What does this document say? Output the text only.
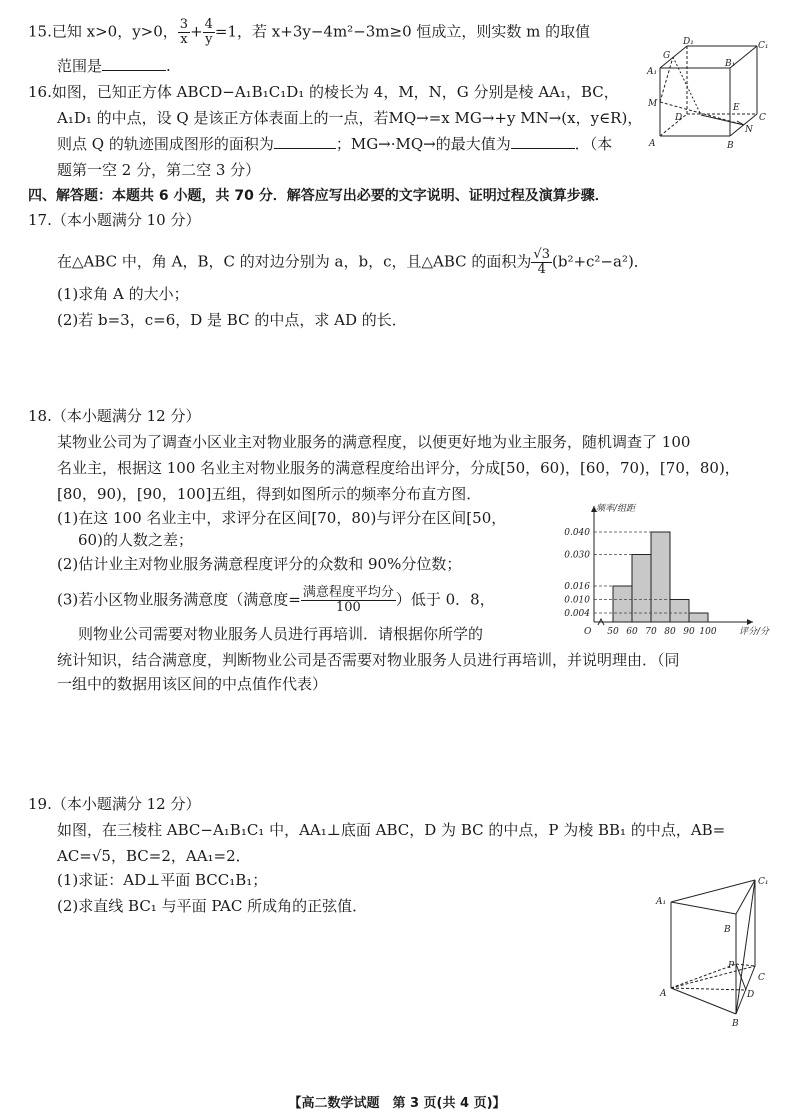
15.已知 x>0，y>0， $\frac{3}{x} + \frac{4}{y} =1$，若 x+3y−4m²−3m≥0 恒成立，则实数 m 的取值
范围是	.
16.如图，已知正方体 ABCD−A₁B₁C₁D₁ 的棱长为 4，M，N，G 分别是棱 AA₁，BC，
A₁D₁ 的中点，设 Q 是该正方体表面上的一点，若MQ→=x MG→+y MN→(x，y∈R)，
则点 Q 的轨迹围成图形的面积为	；MG→·MQ→的最大值为	．（本
题第一空 2 分，第二空 3 分）
D₁	C₁
A₁
B₁
G
M
D	C
E
N
A	B
四、解答题：本题共 6 小题，共 70 分．解答应写出必要的文字说明、证明过程及演算步骤．
17.（本小题满分 10 分）
在△ABC 中，角 A，B，C 的对边分别为 a，b，c，且△ABC 的面积为 $\frac{√3}{4} (b^2+c^2-a^2)$．
(1)求角 A 的大小；
(2)若 b=3，c=6，D 是 BC 的中点，求 AD 的长．
18.（本小题满分 12 分）
某物业公司为了调查小区业主对物业服务的满意程度，以便更好地为业主服务，随机调查了 100
名业主，根据这 100 名业主对物业服务的满意程度给出评分，分成[50，60)，[60，70)，[70，80)，
[80，90)，[90，100]五组，得到如图所示的频率分布直方图．
(1)在这 100 名业主中，求评分在区间[70，80)与评分在区间[50，
60)的人数之差；
(2)估计业主对物业服务满意程度评分的众数和 90%分位数；
(3)若小区物业服务满意度（满意度= $\frac{\text{满意程度平均分}}{100}$ ）低于 0．8，
则物业公司需要对物业服务人员进行再培训．请根据你所学的
统计知识，结合满意度，判断物业公司是否需要对物业服务人员进行再培训，并说明理由．（同
一组中的数据用该区间的中点值作代表）
0.004
0.010
0.016
0.030
0.040
50 60 70 80 90 100
O	评分/分
频率/组距
19.（本小题满分 12 分）
如图，在三棱柱 ABC−A₁B₁C₁ 中，AA₁⊥底面 ABC，D 为 BC 的中点，P 为棱 BB₁ 的中点，AB=
AC=√5，BC=2，AA₁=2．
(1)求证：AD⊥平面 BCC₁B₁；
(2)求直线 BC₁ 与平面 PAC 所成角的正弦值．
C₁
A₁
B
P
C
A	D
B
【高二数学试题　第 3 页(共 4 页)】
